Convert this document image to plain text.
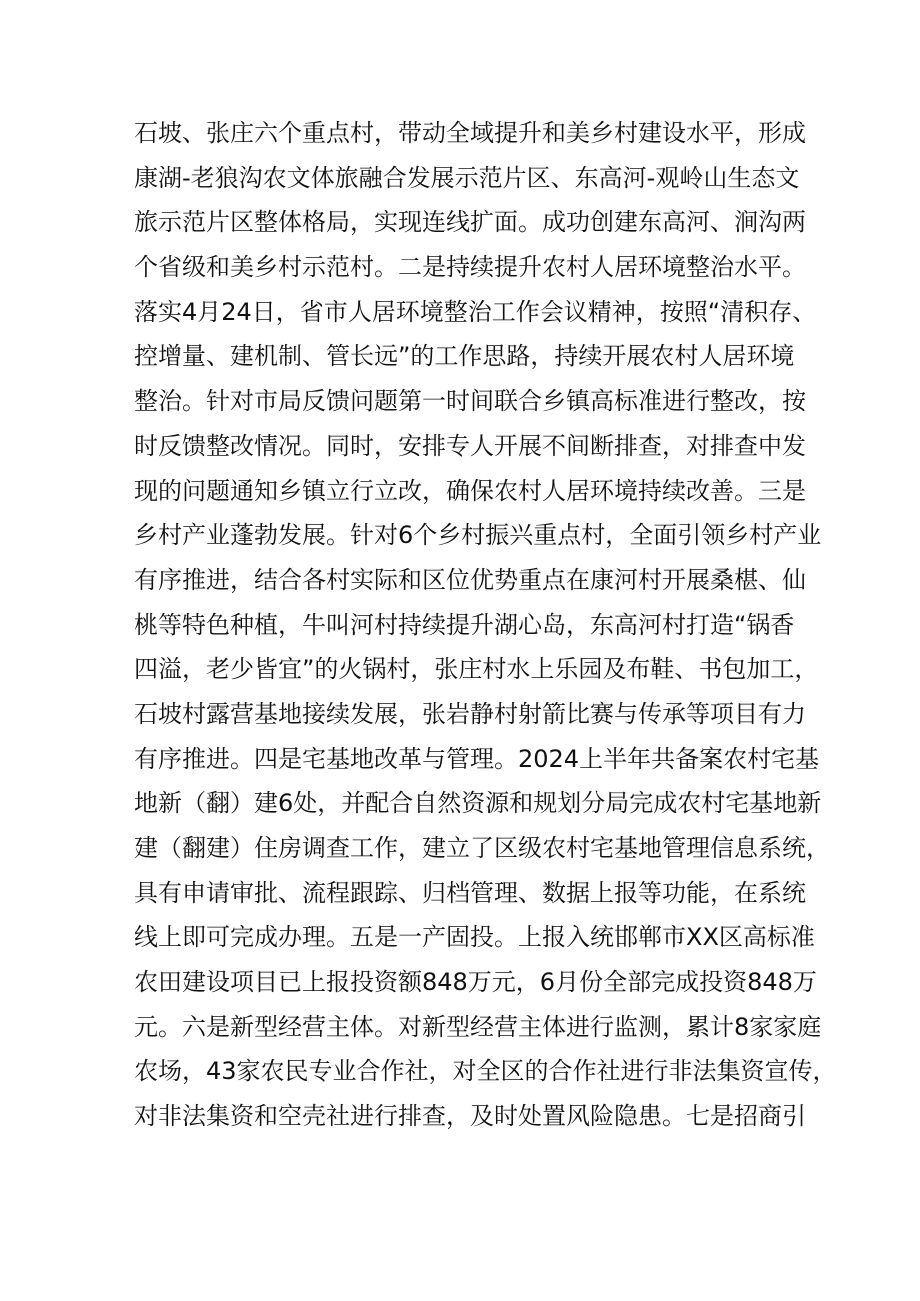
石坡、张庄六个重点村，带动全域提升和美乡村建设水平，形成
康湖-老狼沟农文体旅融合发展示范片区、东高河-观岭山生态文
旅示范片区整体格局，实现连线扩面。成功创建东高河、涧沟两
个省级和美乡村示范村。二是持续提升农村人居环境整治水平。
落实4月24日，省市人居环境整治工作会议精神，按照“清积存、
控增量、建机制、管长远”的工作思路，持续开展农村人居环境
整治。针对市局反馈问题第一时间联合乡镇高标准进行整改，按
时反馈整改情况。同时，安排专人开展不间断排查，对排查中发
现的问题通知乡镇立行立改，确保农村人居环境持续改善。三是
乡村产业蓬勃发展。针对6个乡村振兴重点村，全面引领乡村产业
有序推进，结合各村实际和区位优势重点在康河村开展桑椹、仙
桃等特色种植，牛叫河村持续提升湖心岛，东高河村打造“锅香
四溢，老少皆宜”的火锅村，张庄村水上乐园及布鞋、书包加工，
石坡村露营基地接续发展，张岩静村射箭比赛与传承等项目有力
有序推进。四是宅基地改革与管理。2024上半年共备案农村宅基
地新（翻）建6处，并配合自然资源和规划分局完成农村宅基地新
建（翻建）住房调查工作，建立了区级农村宅基地管理信息系统，
具有申请审批、流程跟踪、归档管理、数据上报等功能，在系统
线上即可完成办理。五是一产固投。上报入统邯郸市XX区高标准
农田建设项目已上报投资额848万元，6月份全部完成投资848万
元。六是新型经营主体。对新型经营主体进行监测，累计8家家庭
农场，43家农民专业合作社，对全区的合作社进行非法集资宣传，
对非法集资和空壳社进行排查，及时处置风险隐患。七是招商引
